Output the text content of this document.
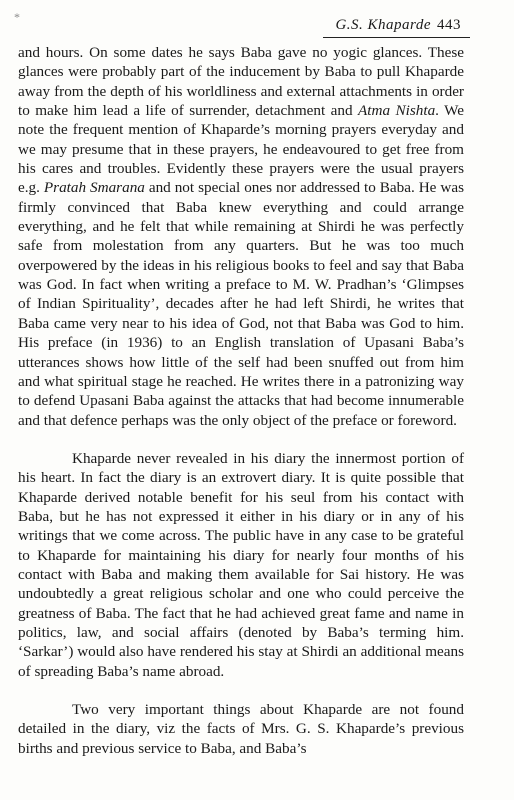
*	G.S. Khaparde 443

and hours. On some dates he says Baba gave no yogic glances. These glances were probably part of the inducement by Baba to pull Khaparde away from the depth of his worldliness and external attachments in order to make him lead a life of surrender, detachment and Atma Nishta. We note the frequent mention of Khaparde’s morning prayers everyday and we may presume that in these prayers, he endeavoured to get free from his cares and troubles. Evidently these prayers were the usual prayers e.g. Pratah Smarana and not special ones nor addressed to Baba. He was firmly convinced that Baba knew everything and could arrange everything, and he felt that while remaining at Shirdi he was perfectly safe from molestation from any quarters. But he was too much overpowered by the ideas in his religious books to feel and say that Baba was God. In fact when writing a preface to M. W. Pradhan’s ‘Glimpses of Indian Spirituality’, decades after he had left Shirdi, he writes that Baba came very near to his idea of God, not that Baba was God to him. His preface (in 1936) to an English translation of Upasani Baba’s utterances shows how little of the self had been snuffed out from him and what spiritual stage he reached. He writes there in a patronizing way to defend Upasani Baba against the attacks that had become innumerable and that defence perhaps was the only object of the preface or foreword.

Khaparde never revealed in his diary the innermost portion of his heart. In fact the diary is an extrovert diary. It is quite possible that Khaparde derived notable benefit for his seul from his contact with Baba, but he has not expressed it either in his diary or in any of his writings that we come across. The public have in any case to be grateful to Khaparde for maintaining his diary for nearly four months of his contact with Baba and making them available for Sai history. He was undoubtedly a great religious scholar and one who could perceive the greatness of Baba. The fact that he had achieved great fame and name in politics, law, and social affairs (denoted by Baba’s terming him. ‘Sarkar’) would also have rendered his stay at Shirdi an additional means of spreading Baba’s name abroad.

Two very important things about Khaparde are not found detailed in the diary, viz the facts of Mrs. G. S. Khaparde’s previous births and previous service to Baba, and Baba’s
